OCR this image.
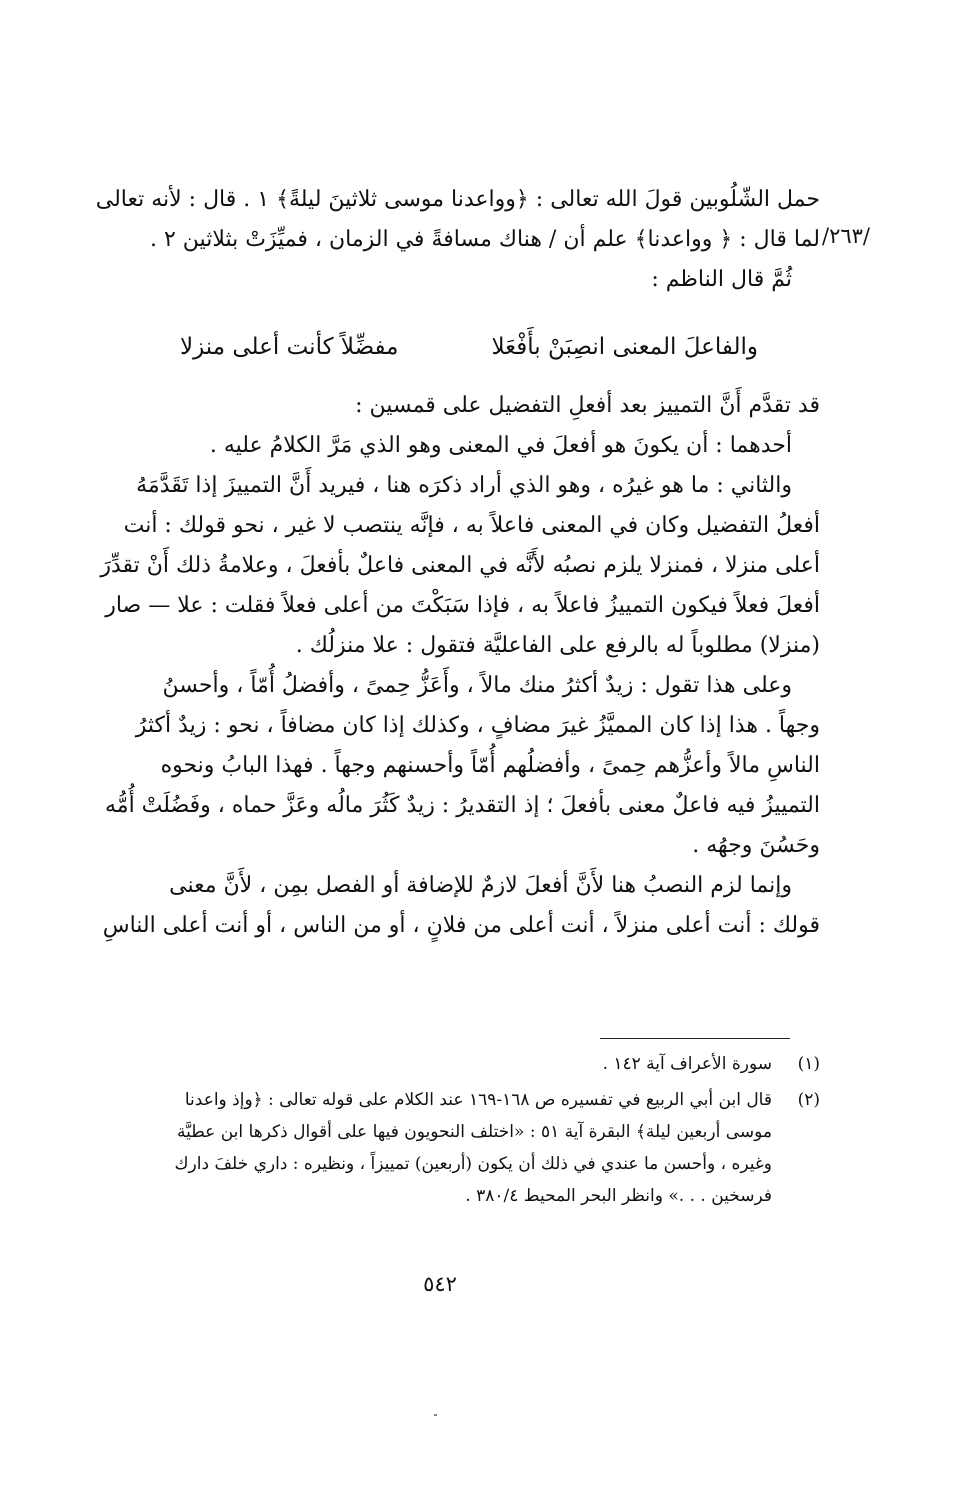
/٢٦٣/
حمل الشّلُوبين قولَ الله تعالى : ﴿وواعدنا موسى ثلاثينَ ليلةً﴾ ١ . قال : لأنه تعالى
لما قال : ﴿ وواعدنا﴾ علم أن / هناك مسافةً في الزمان ، فميِّزَتْ بثلاثين ٢ .
ثُمَّ قال الناظم :
والفاعلَ المعنى انصِبَنْ بأَفْعَلا
مفضِّلاً كأنت أعلى منزلا
قد تقدَّم أَنَّ التمييز بعد أفعلِ التفضيل على قمسين :
أحدهما : أن يكونَ هو أفعلَ في المعنى وهو الذي مَرَّ الكلامُ عليه .
والثاني : ما هو غيرُه ، وهو الذي أراد ذكرَه هنا ، فيريد أَنَّ التمييزَ إذا تَقَدَّمَهُ
أفعلُ التفضيل وكان في المعنى فاعلاً به ، فإنَّه ينتصب لا غير ، نحو قولك : أنت
أعلى منزلا ، فمنزلا يلزم نصبُه لأَنَّه في المعنى فاعلٌ بأفعلَ ، وعلامةُ ذلك أَنْ تقدِّرَ
أفعلَ فعلاً فيكون التمييزُ فاعلاً به ، فإذا سَبَكْتَ من أعلى فعلاً فقلت : علا — صار
(منزلا) مطلوباً له بالرفع على الفاعليَّة فتقول : علا منزلُك .
وعلى هذا تقول : زيدٌ أكثرُ منك مالاً ، وأَعَزُّ حِمىً ، وأفضلُ أُمّاً ، وأحسنُ
وجهاً . هذا إذا كان المميَّزُ غيرَ مضافٍ ، وكذلك إذا كان مضافاً ، نحو : زيدٌ أكثرُ
الناسِ مالاً وأعزُّهم حِمىً ، وأفضلُهم أُمّاً وأحسنهم وجهاً . فهذا البابُ ونحوه
التمييزُ فيه فاعلٌ معنى بأفعلَ ؛ إذ التقديرُ : زيدٌ كَثُرَ مالُه وعَزَّ حماه ، وفَضُلَتْ أُمُّه
وحَسُنَ وجهُه .
وإنما لزم النصبُ هنا لأَنَّ أفعلَ لازمٌ للإضافة أو الفصل بمِن ، لأَنَّ معنى
قولك : أنت أعلى منزلاً ، أنت أعلى من فلانٍ ، أو من الناس ، أو أنت أعلى الناسِ
(١)
سورة الأعراف آية ١٤٢ .
(٢)
قال ابن أبي الربيع في تفسيره ص ١٦٨-١٦٩ عند الكلام على قوله تعالى : ﴿وإذ واعدنا
موسى أربعين ليلة﴾ البقرة آية ٥١ : «اختلف النحويون فيها على أقوال ذكرها ابن عطيَّة
وغيره ، وأحسن ما عندي في ذلك أن يكون (أربعين) تمييزاً ، ونظيره : داري خلفَ دارك
فرسخين . . .» وانظر البحر المحيط ٣٨٠/٤ .
٥٤٢
